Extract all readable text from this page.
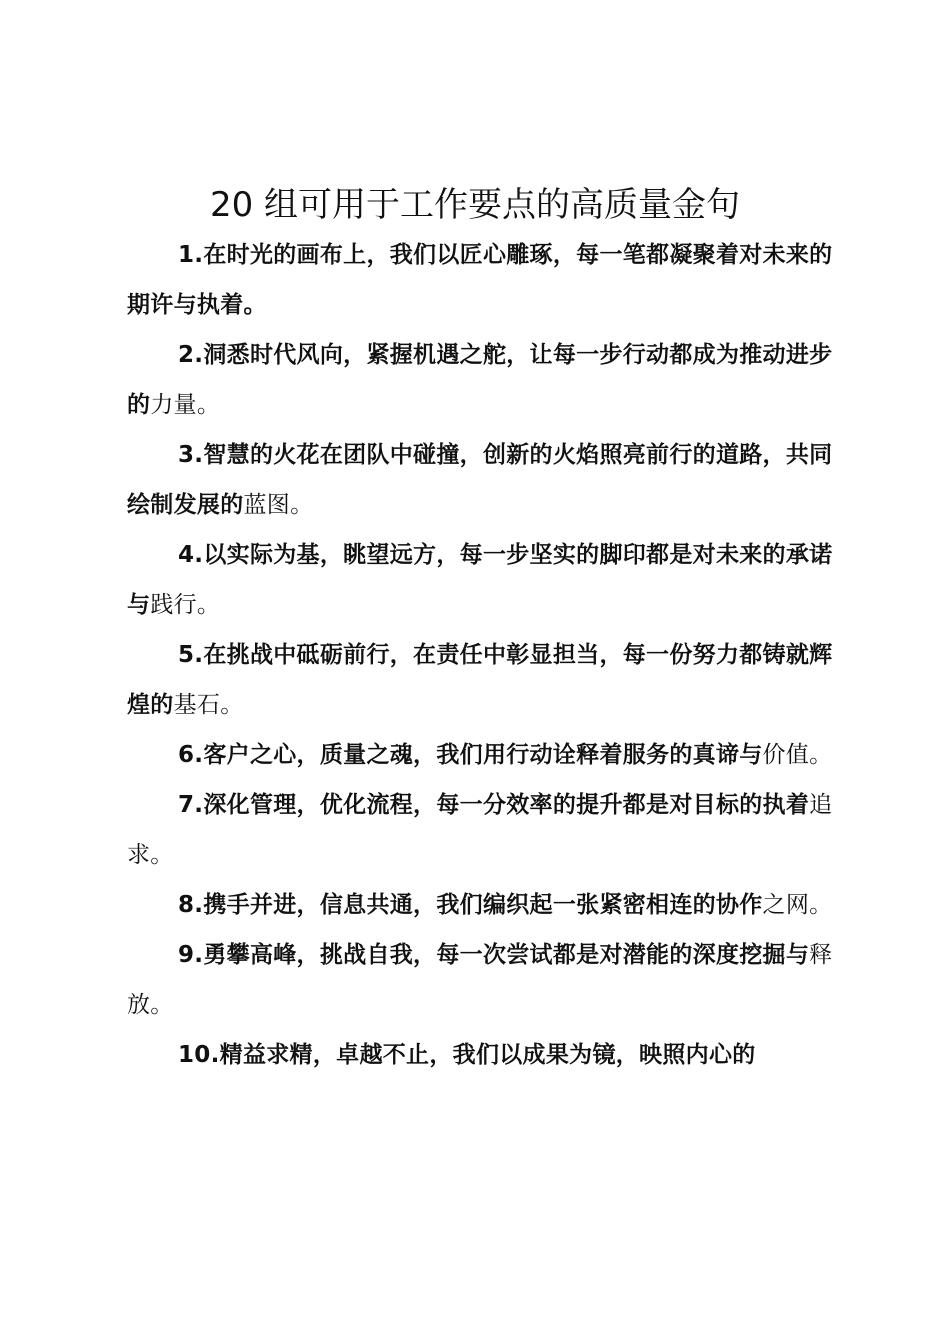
20 组可用于工作要点的高质量金句
1.在时光的画布上，我们以匠心雕琢，每一笔都凝聚着对未来的期许与执着。
2.洞悉时代风向，紧握机遇之舵，让每一步行动都成为推动进步的力量。
3.智慧的火花在团队中碰撞，创新的火焰照亮前行的道路，共同绘制发展的蓝图。
4.以实际为基，眺望远方，每一步坚实的脚印都是对未来的承诺与践行。
5.在挑战中砥砺前行，在责任中彰显担当，每一份努力都铸就辉煌的基石。
6.客户之心，质量之魂，我们用行动诠释着服务的真谛与价值。
7.深化管理，优化流程，每一分效率的提升都是对目标的执着追求。
8.携手并进，信息共通，我们编织起一张紧密相连的协作之网。
9.勇攀高峰，挑战自我，每一次尝试都是对潜能的深度挖掘与释放。
10.精益求精，卓越不止，我们以成果为镜，映照内心的
